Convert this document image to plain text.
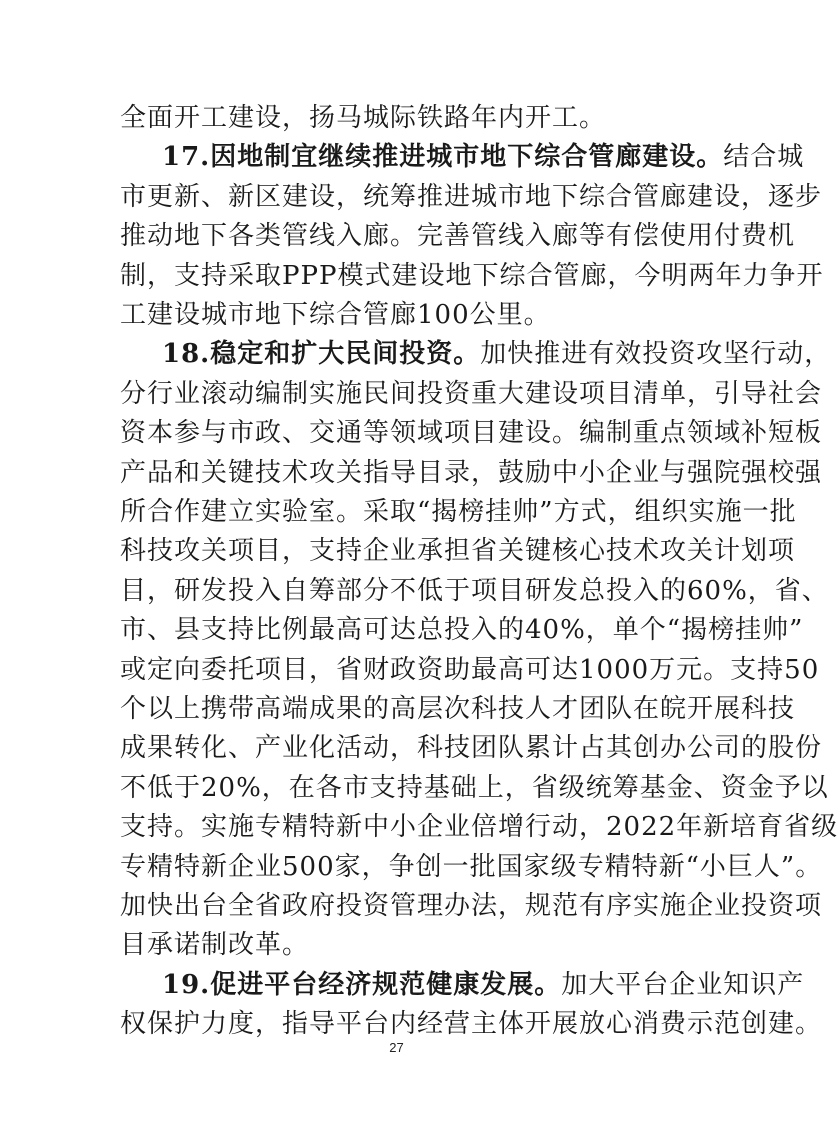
27
全面开工建设，扬马城际铁路年内开工。
17.因地制宜继续推进城市地下综合管廊建设。结合城
市更新、新区建设，统筹推进城市地下综合管廊建设，逐步
推动地下各类管线入廊。完善管线入廊等有偿使用付费机
制，支持采取PPP模式建设地下综合管廊，今明两年力争开
工建设城市地下综合管廊100公里。
18.稳定和扩大民间投资。加快推进有效投资攻坚行动，
分行业滚动编制实施民间投资重大建设项目清单，引导社会
资本参与市政、交通等领域项目建设。编制重点领域补短板
产品和关键技术攻关指导目录，鼓励中小企业与强院强校强
所合作建立实验室。采取“揭榜挂帅”方式，组织实施一批
科技攻关项目，支持企业承担省关键核心技术攻关计划项
目，研发投入自筹部分不低于项目研发总投入的60%，省、
市、县支持比例最高可达总投入的40%，单个“揭榜挂帅”
或定向委托项目，省财政资助最高可达1000万元。支持50
个以上携带高端成果的高层次科技人才团队在皖开展科技
成果转化、产业化活动，科技团队累计占其创办公司的股份
不低于20%，在各市支持基础上，省级统筹基金、资金予以
支持。实施专精特新中小企业倍增行动，2022年新培育省级
专精特新企业500家，争创一批国家级专精特新“小巨人”。
加快出台全省政府投资管理办法，规范有序实施企业投资项
目承诺制改革。
19.促进平台经济规范健康发展。加大平台企业知识产
权保护力度，指导平台内经营主体开展放心消费示范创建。
